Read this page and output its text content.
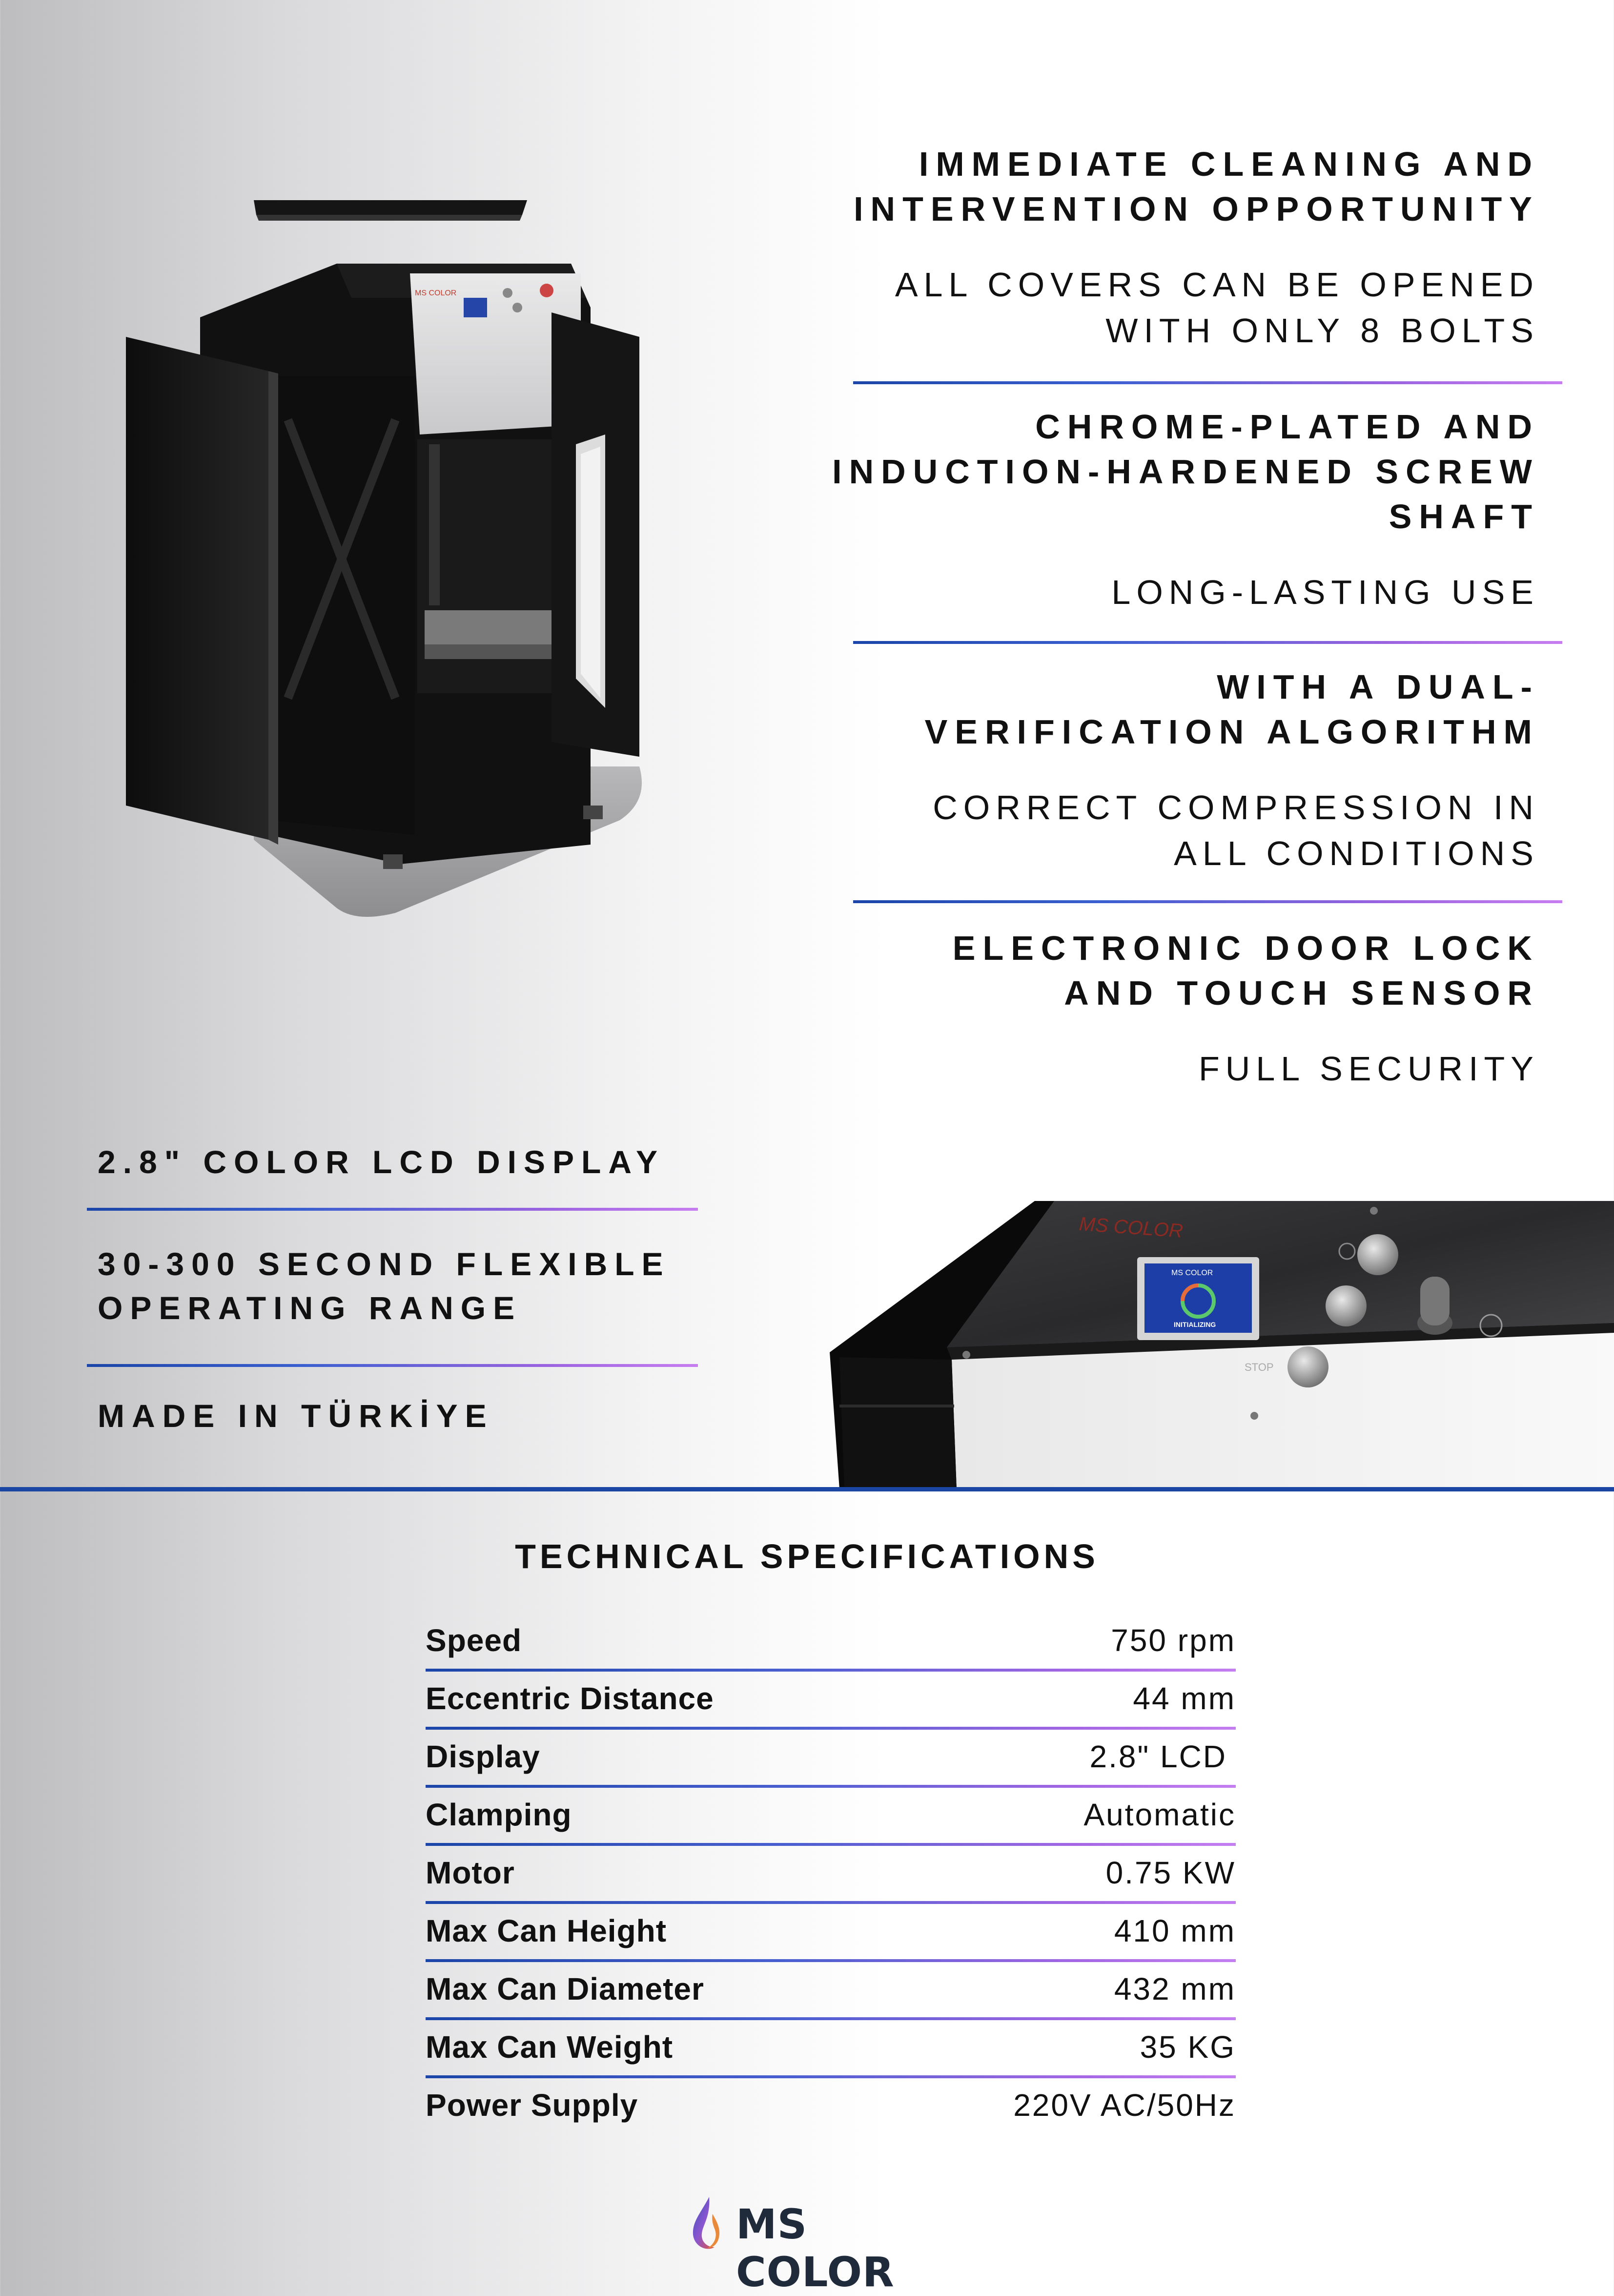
MS COLOR

IMMEDIATE CLEANING AND

INTERVENTION OPPORTUNITY

ALL COVERS CAN BE OPENED

WITH ONLY 8 BOLTS

CHROME-PLATED AND

INDUCTION-HARDENED SCREW

SHAFT

LONG-LASTING USE

WITH A DUAL-

VERIFICATION ALGORITHM

CORRECT COMPRESSION IN

ALL CONDITIONS

ELECTRONIC DOOR LOCK

AND TOUCH SENSOR

FULL SECURITY

2.8" COLOR LCD DISPLAY
30-300 SECOND FLEXIBLE
OPERATING RANGE
MADE IN TÜRKİYE
MS COLOR
MS COLOR
INITIALIZING
STOP
TECHNICAL SPECIFICATIONS
Speed	750 rpm
Eccentric Distance	44 mm
Display	2.8" LCD
Clamping	Automatic
Motor	0.75 KW
Max Can Height	410 mm
Max Can Diameter	432 mm
Max Can Weight	35 KG
Power Supply	220V AC/50Hz
MS COLOR
